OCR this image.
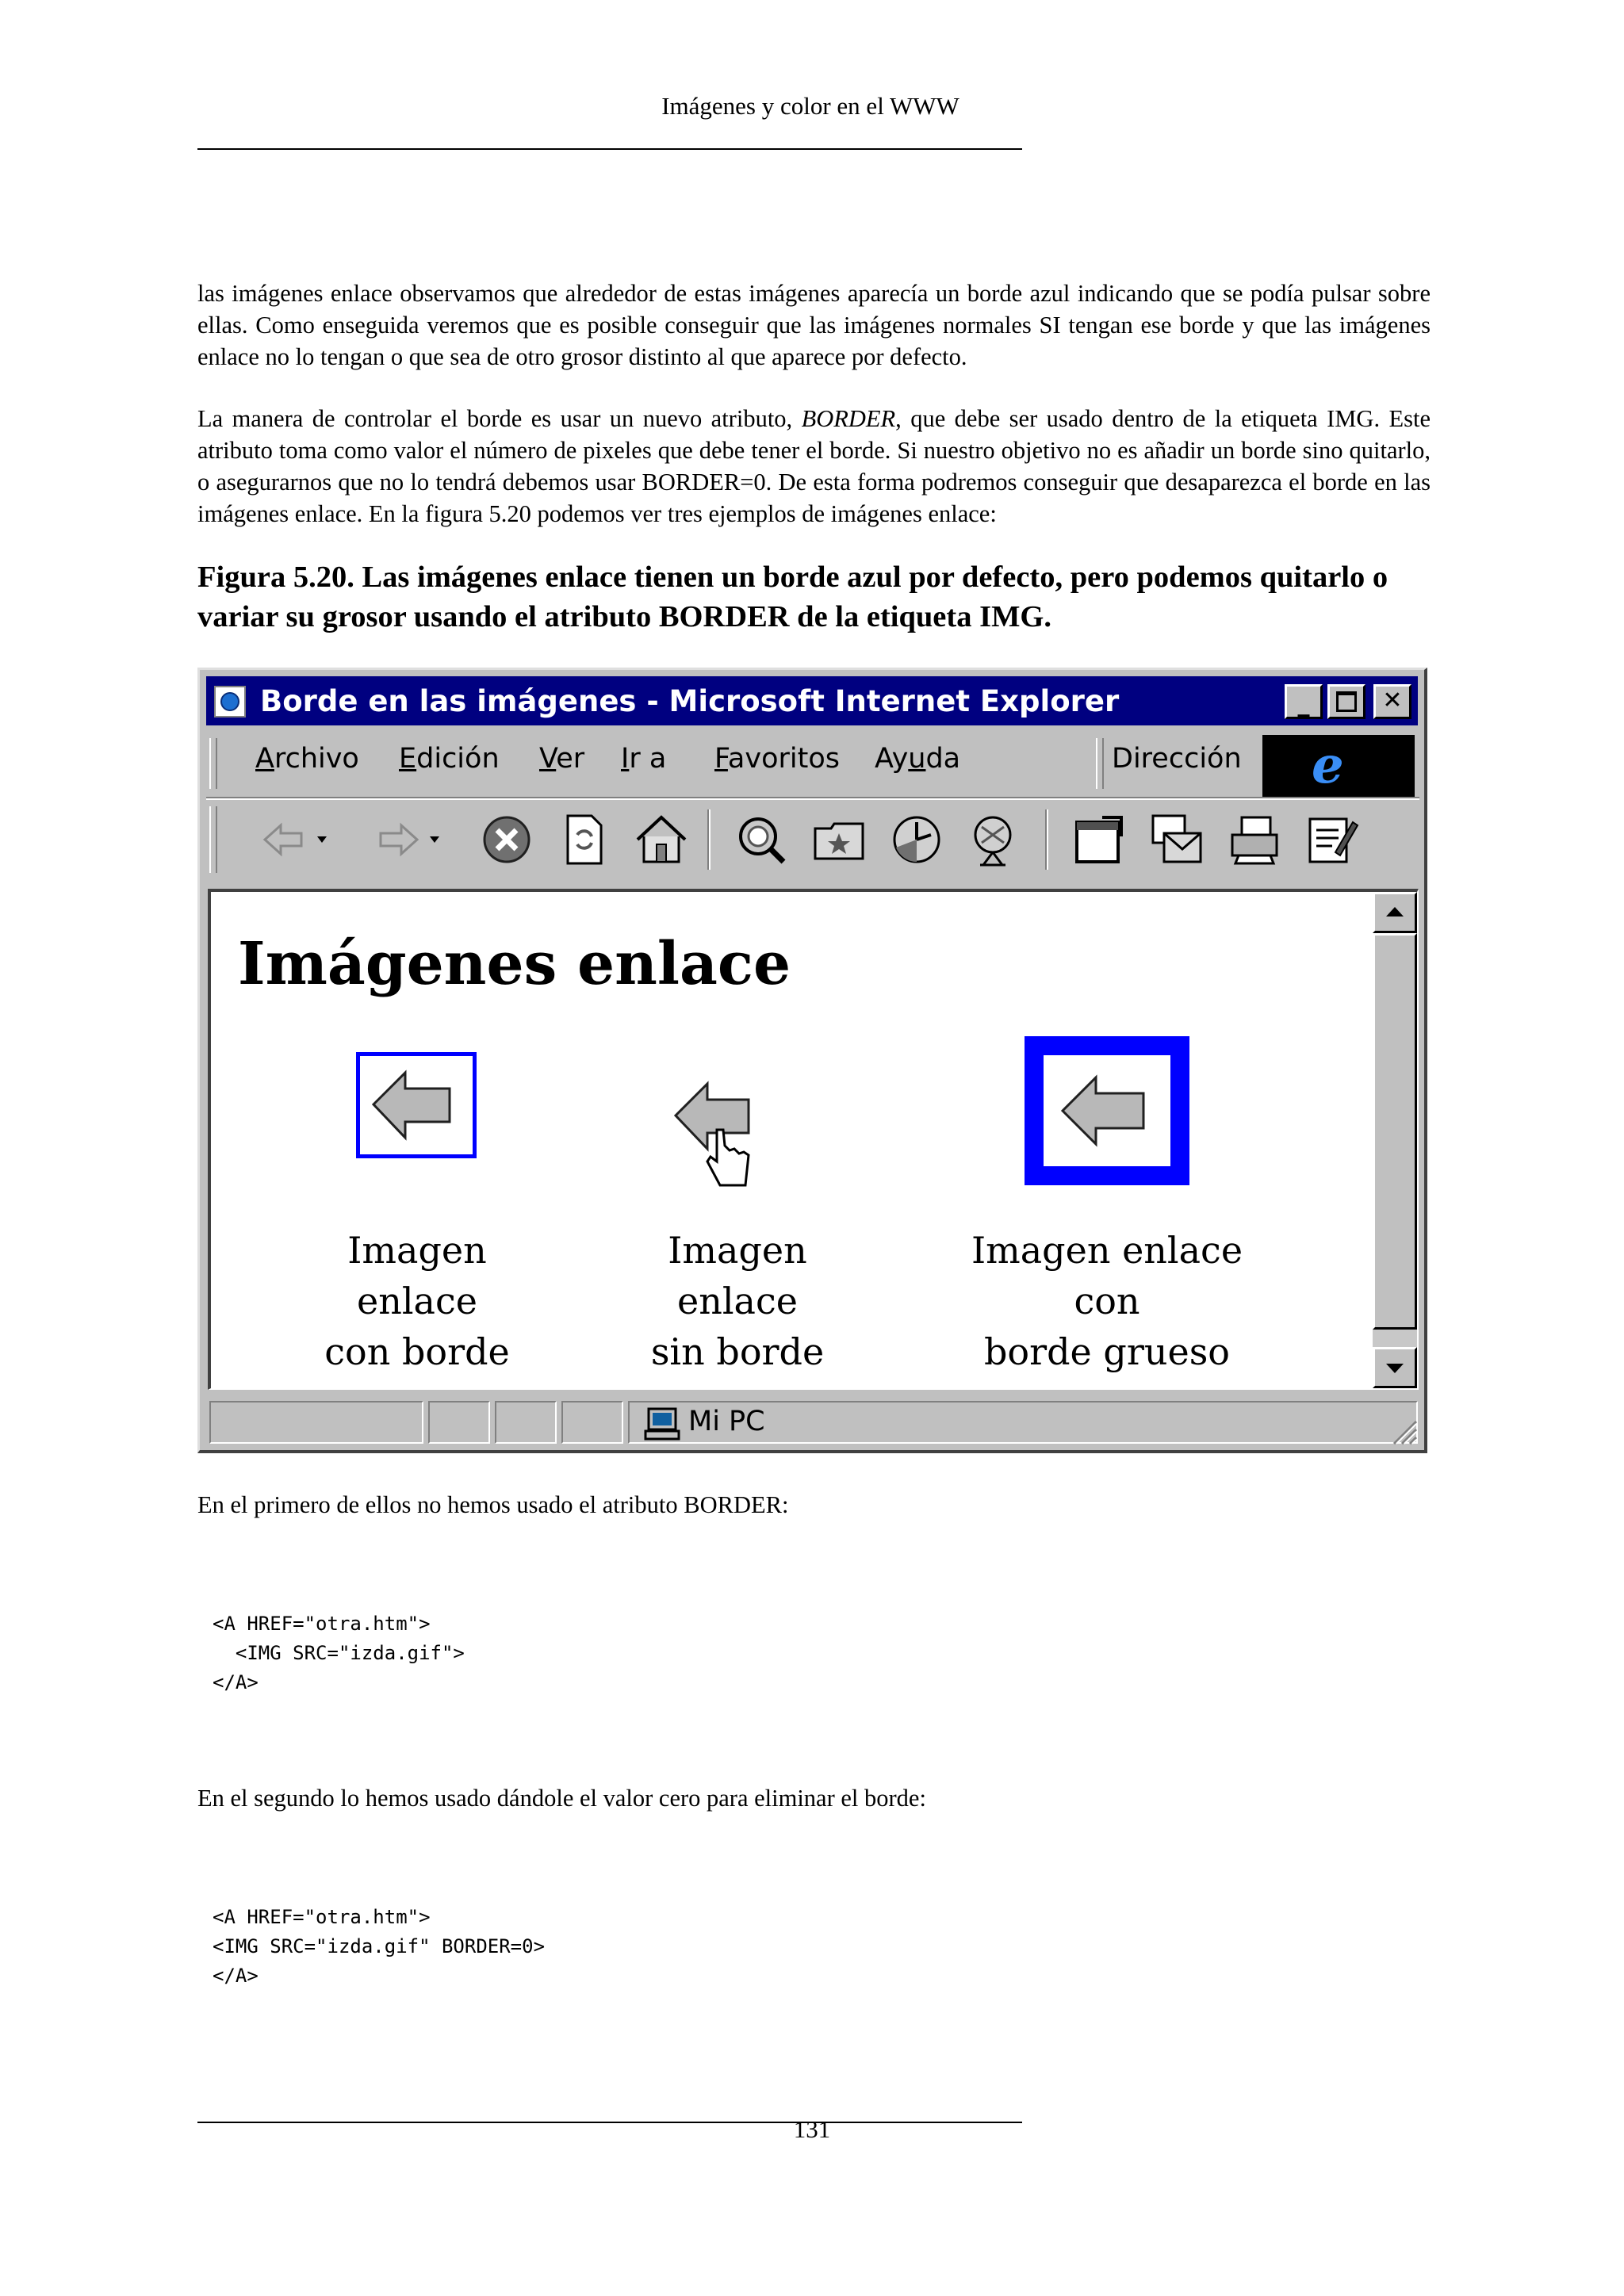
Imágenes y color en el WWW
las imágenes enlace observamos que alrededor de estas imágenes aparecía un borde azul indicando que se podía pulsar sobre ellas. Como enseguida veremos que es posible conseguir que las imágenes normales SI tengan ese borde y que las imágenes enlace no lo tengan o que sea de otro grosor distinto al que aparece por defecto.
La manera de controlar el borde es usar un nuevo atributo, BORDER, que debe ser usado dentro de la etiqueta IMG. Este atributo toma como valor el número de pixeles que debe tener el borde. Si nuestro objetivo no es añadir un borde sino quitarlo, o asegurarnos que no lo tendrá debemos usar BORDER=0. De esta forma podremos conseguir que desaparezca el borde en las imágenes enlace. En la figura 5.20 podemos ver tres ejemplos de imágenes enlace:
Figura 5.20. Las imágenes enlace tienen un borde azul por defecto, pero podemos quitarlo o variar su grosor usando el atributo BORDER de la etiqueta IMG.
Borde en las imágenes - Microsoft Internet Explorer	_	✕
Archivo Edición Ver Ir a Favoritos Ayuda	Dirección e
Imágenes enlace
Imagen enlace
con borde
Imagen enlace
sin borde
Imagen enlace con
borde grueso
Mi PC
En el primero de ellos no hemos usado el atributo BORDER:
<A HREF="otra.htm">
<IMG SRC="izda.gif">
</A>
En el segundo lo hemos usado dándole el valor cero para eliminar el borde:
<A HREF="otra.htm">
<IMG SRC="izda.gif" BORDER=0>
</A>
131
